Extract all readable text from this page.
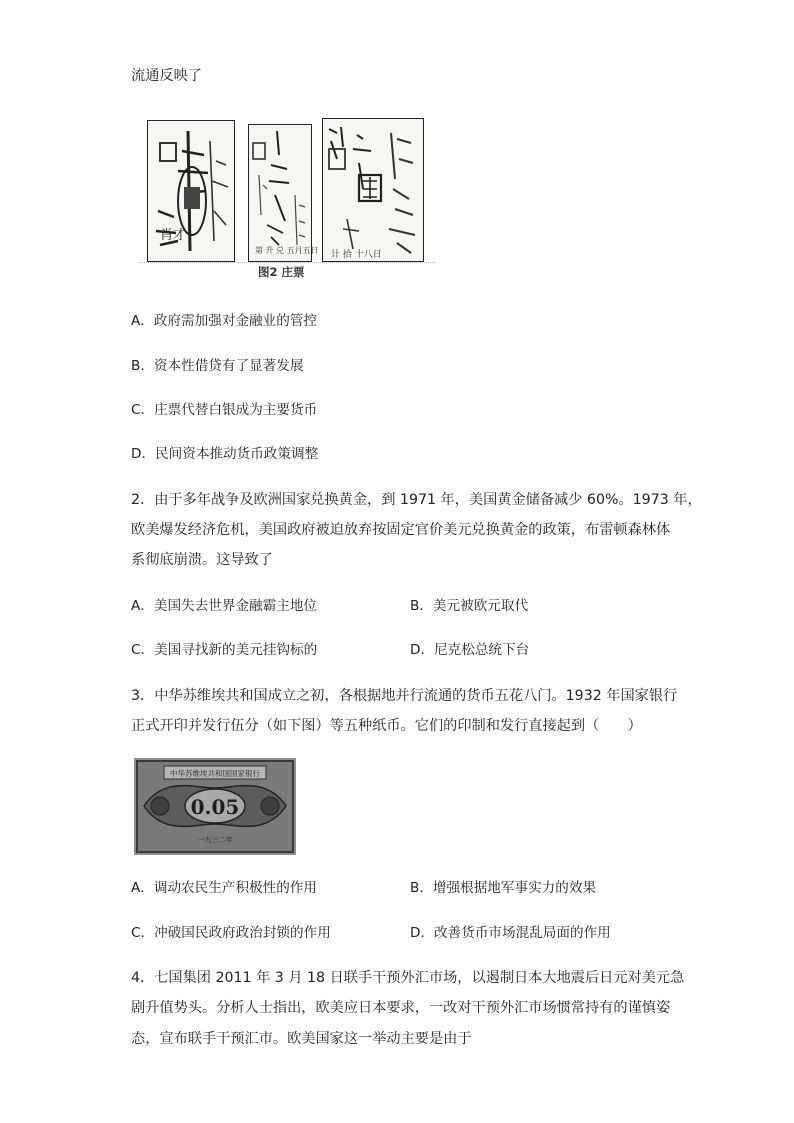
流通反映了
肖才
第 升 兑 五月五日 计 拾 十八日
图2 庄票
A．政府需加强对金融业的管控
B．资本性借贷有了显著发展
C．庄票代替白银成为主要货币
D．民间资本推动货币政策调整
2．由于多年战争及欧洲国家兑换黄金，到 1971 年，美国黄金储备减少 60%。1973 年，
欧美爆发经济危机，美国政府被迫放弃按固定官价美元兑换黄金的政策，布雷顿森林体
系彻底崩溃。这导致了
A．美国失去世界金融霸主地位	B．美元被欧元取代
C．美国寻找新的美元挂钩标的	D．尼克松总统下台
3．中华苏维埃共和国成立之初，各根据地并行流通的货币五花八门。1932 年国家银行
正式开印并发行伍分（如下图）等五种纸币。它们的印制和发行直接起到（　　）
中华苏维埃共和国国家银行
0.05
一九三二年
A．调动农民生产积极性的作用	B．增强根据地军事实力的效果
C．冲破国民政府政治封锁的作用	D．改善货币市场混乱局面的作用
4．七国集团 2011 年 3 月 18 日联手干预外汇市场，以遏制日本大地震后日元对美元急
剧升值势头。分析人士指出，欧美应日本要求，一改对干预外汇市场惯常持有的谨慎姿
态，宣布联手干预汇市。欧美国家这一举动主要是由于
